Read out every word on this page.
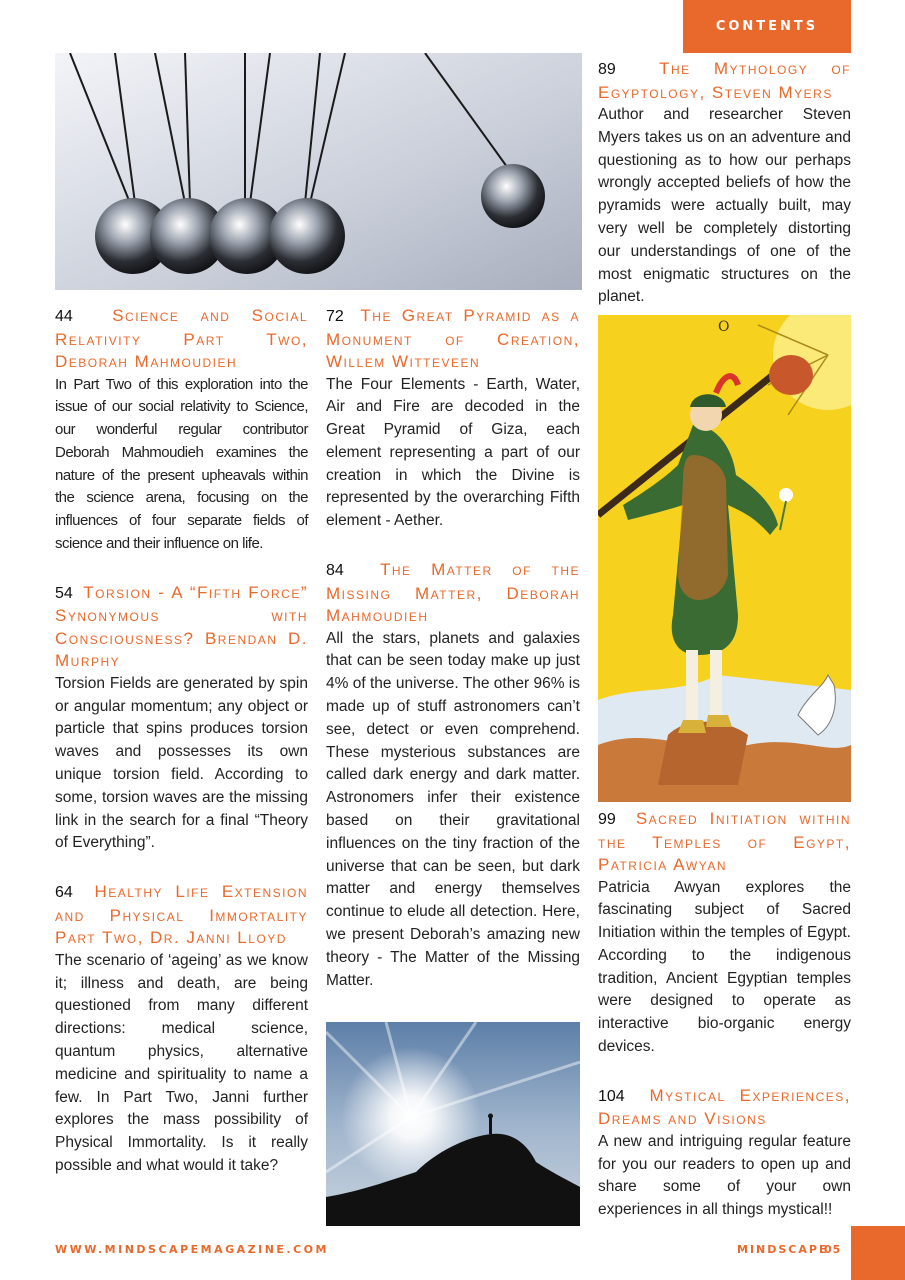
CONTENTS

44 Science and Social Relativity Part Two, Deborah Mahmoudieh

In Part Two of this exploration into the issue of our social relativity to Science, our wonderful regular contributor Deborah Mahmoudieh examines the nature of the present upheavals within the science arena, focusing on the influences of four separate fields of science and their influence on life.

54 Torsion - A “Fifth Force” Synonymous with Consciousness? Brendan D. Murphy

Torsion Fields are generated by spin or angular momentum; any object or particle that spins produces torsion waves and possesses its own unique torsion field. According to some, torsion waves are the missing link in the search for a final “Theory of Everything”.

64 Healthy Life Extension and Physical Immortality Part Two, Dr. Janni Lloyd

The scenario of ‘ageing’ as we know it; illness and death, are being questioned from many different directions: medical science, quantum physics, alternative medicine and spirituality to name a few. In Part Two, Janni further explores the mass possibility of Physical Immortality. Is it really possible and what would it take?

72 The Great Pyramid as a Monument of Creation, Willem Witteveen

The Four Elements - Earth, Water, Air and Fire are decoded in the Great Pyramid of Giza, each element representing a part of our creation in which the Divine is represented by the overarching Fifth element - Aether.

84 The Matter of the Missing Matter, Deborah Mahmoudieh

All the stars, planets and galaxies that can be seen today make up just 4% of the universe. The other 96% is made up of stuff astronomers can’t see, detect or even comprehend. These mysterious substances are called dark energy and dark matter. Astronomers infer their existence based on their gravitational influences on the tiny fraction of the universe that can be seen, but dark matter and energy themselves continue to elude all detection. Here, we present Deborah’s amazing new theory - The Matter of the Missing Matter.

89	The Mythology of Egyptology, Steven Myers

Author and researcher Steven Myers takes us on an adventure and questioning as to how our perhaps wrongly accepted beliefs of how the pyramids were actually built, may very well be completely distorting our understandings of one of the most enigmatic structures on the planet.

O

99 Sacred Initiation within the Temples of Egypt, Patricia Awyan

Patricia Awyan explores the fascinating subject of Sacred Initiation within the temples of Egypt. According to the indigenous tradition, Ancient Egyptian temples were designed to operate as interactive bio-organic energy devices.

104 Mystical Experiences, Dreams and Visions

A new and intriguing regular feature for you our readers to open up and share some of your own experiences in all things mystical!!

WWW.MINDSCAPEMAGAZINE.COM	MINDSCAPE
05
